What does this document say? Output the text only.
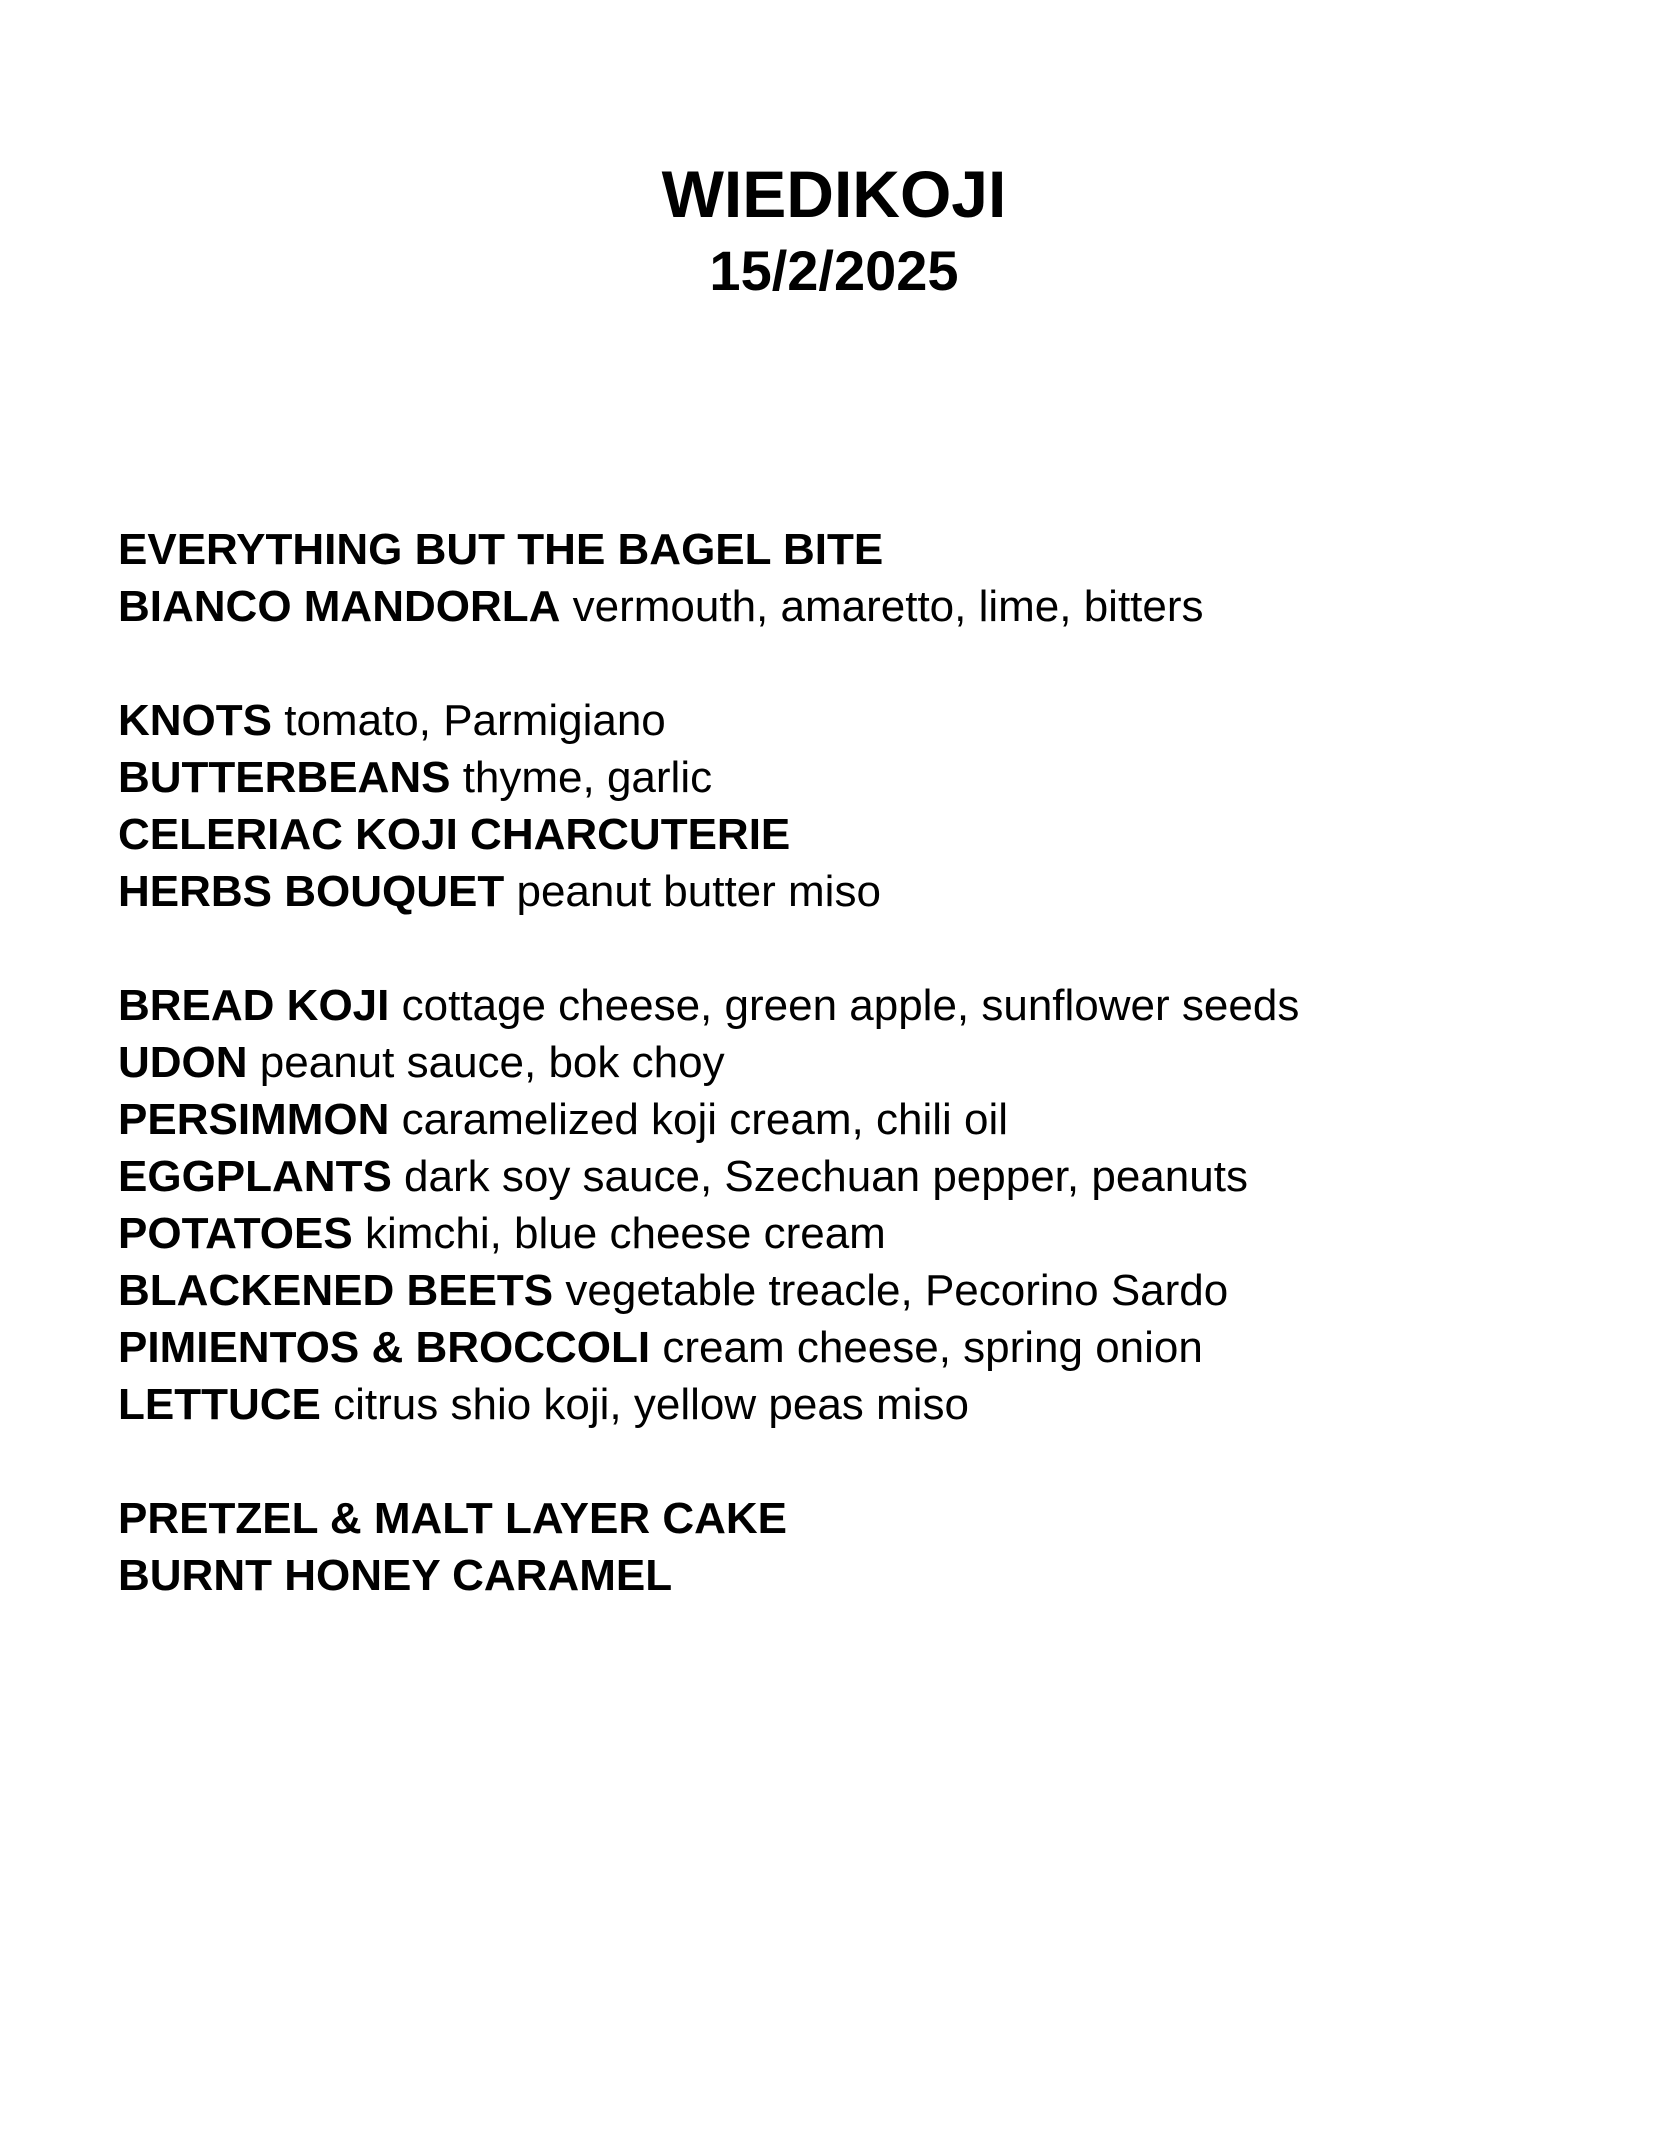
WIEDIKOJI
15/2/2025
EVERYTHING BUT THE BAGEL BITE
BIANCO MANDORLA vermouth, amaretto, lime, bitters
KNOTS tomato, Parmigiano
BUTTERBEANS thyme, garlic
CELERIAC KOJI CHARCUTERIE
HERBS BOUQUET peanut butter miso
BREAD KOJI cottage cheese, green apple, sunflower seeds
UDON peanut sauce, bok choy
PERSIMMON caramelized koji cream, chili oil
EGGPLANTS dark soy sauce, Szechuan pepper, peanuts
POTATOES kimchi, blue cheese cream
BLACKENED BEETS vegetable treacle, Pecorino Sardo
PIMIENTOS & BROCCOLI cream cheese, spring onion
LETTUCE citrus shio koji, yellow peas miso
PRETZEL & MALT LAYER CAKE
BURNT HONEY CARAMEL
